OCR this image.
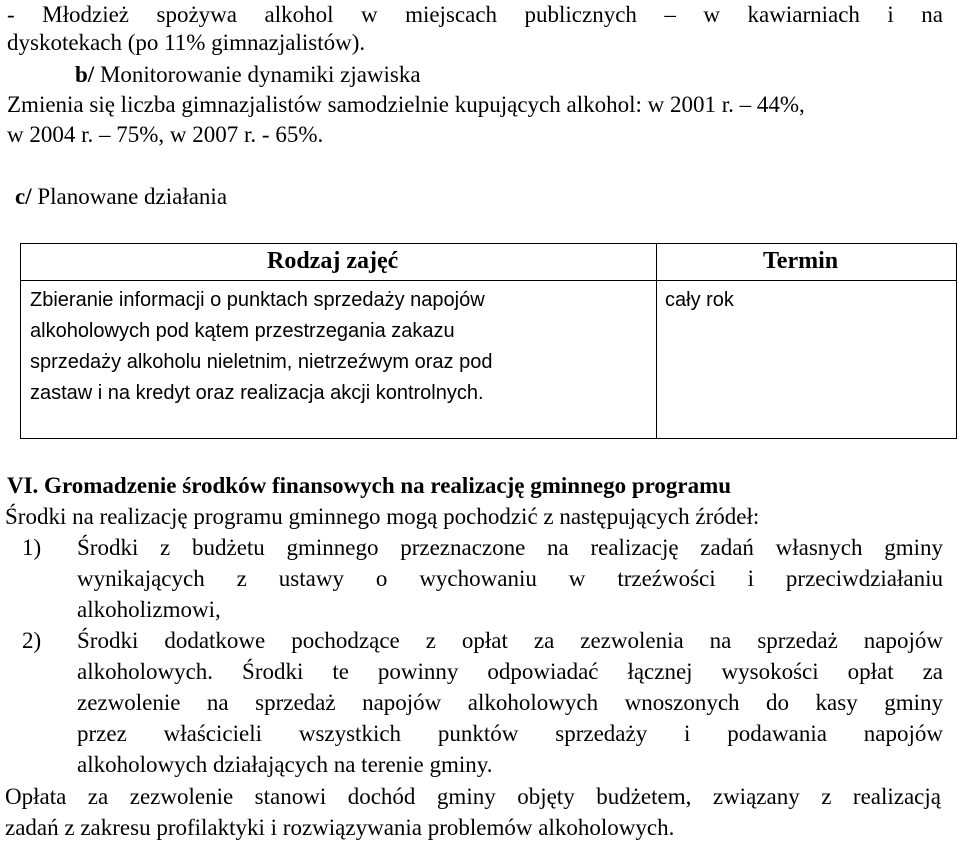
- Młodzież spożywa alkohol w miejscach publicznych – w kawiarniach i na
dyskotekach (po 11% gimnazjalistów).
b/ Monitorowanie dynamiki zjawiska
Zmienia się liczba gimnazjalistów samodzielnie kupujących alkohol: w 2001 r. – 44%,
w 2004 r. – 75%, w 2007 r. - 65%.
c/ Planowane działania
Rodzaj zajęć	Termin
Zbieranie informacji o punktach sprzedaży napojów
alkoholowych pod kątem przestrzegania zakazu
sprzedaży alkoholu nieletnim, nietrzeźwym oraz pod
zastaw i na kredyt oraz realizacja akcji kontrolnych.
cały rok
VI. Gromadzenie środków finansowych na realizację gminnego programu
Środki na realizację programu gminnego mogą pochodzić z następujących źródeł:
1) Środki z budżetu gminnego przeznaczone na realizację zadań własnych gminy
wynikających z ustawy o wychowaniu w trzeźwości i przeciwdziałaniu
alkoholizmowi,
2) Środki dodatkowe pochodzące z opłat za zezwolenia na sprzedaż napojów
alkoholowych. Środki te powinny odpowiadać łącznej wysokości opłat za
zezwolenie na sprzedaż napojów alkoholowych wnoszonych do kasy gminy
przez właścicieli wszystkich punktów sprzedaży i podawania napojów
alkoholowych działających na terenie gminy.
Opłata za zezwolenie stanowi dochód gminy objęty budżetem, związany z realizacją
zadań z zakresu profilaktyki i rozwiązywania problemów alkoholowych.
